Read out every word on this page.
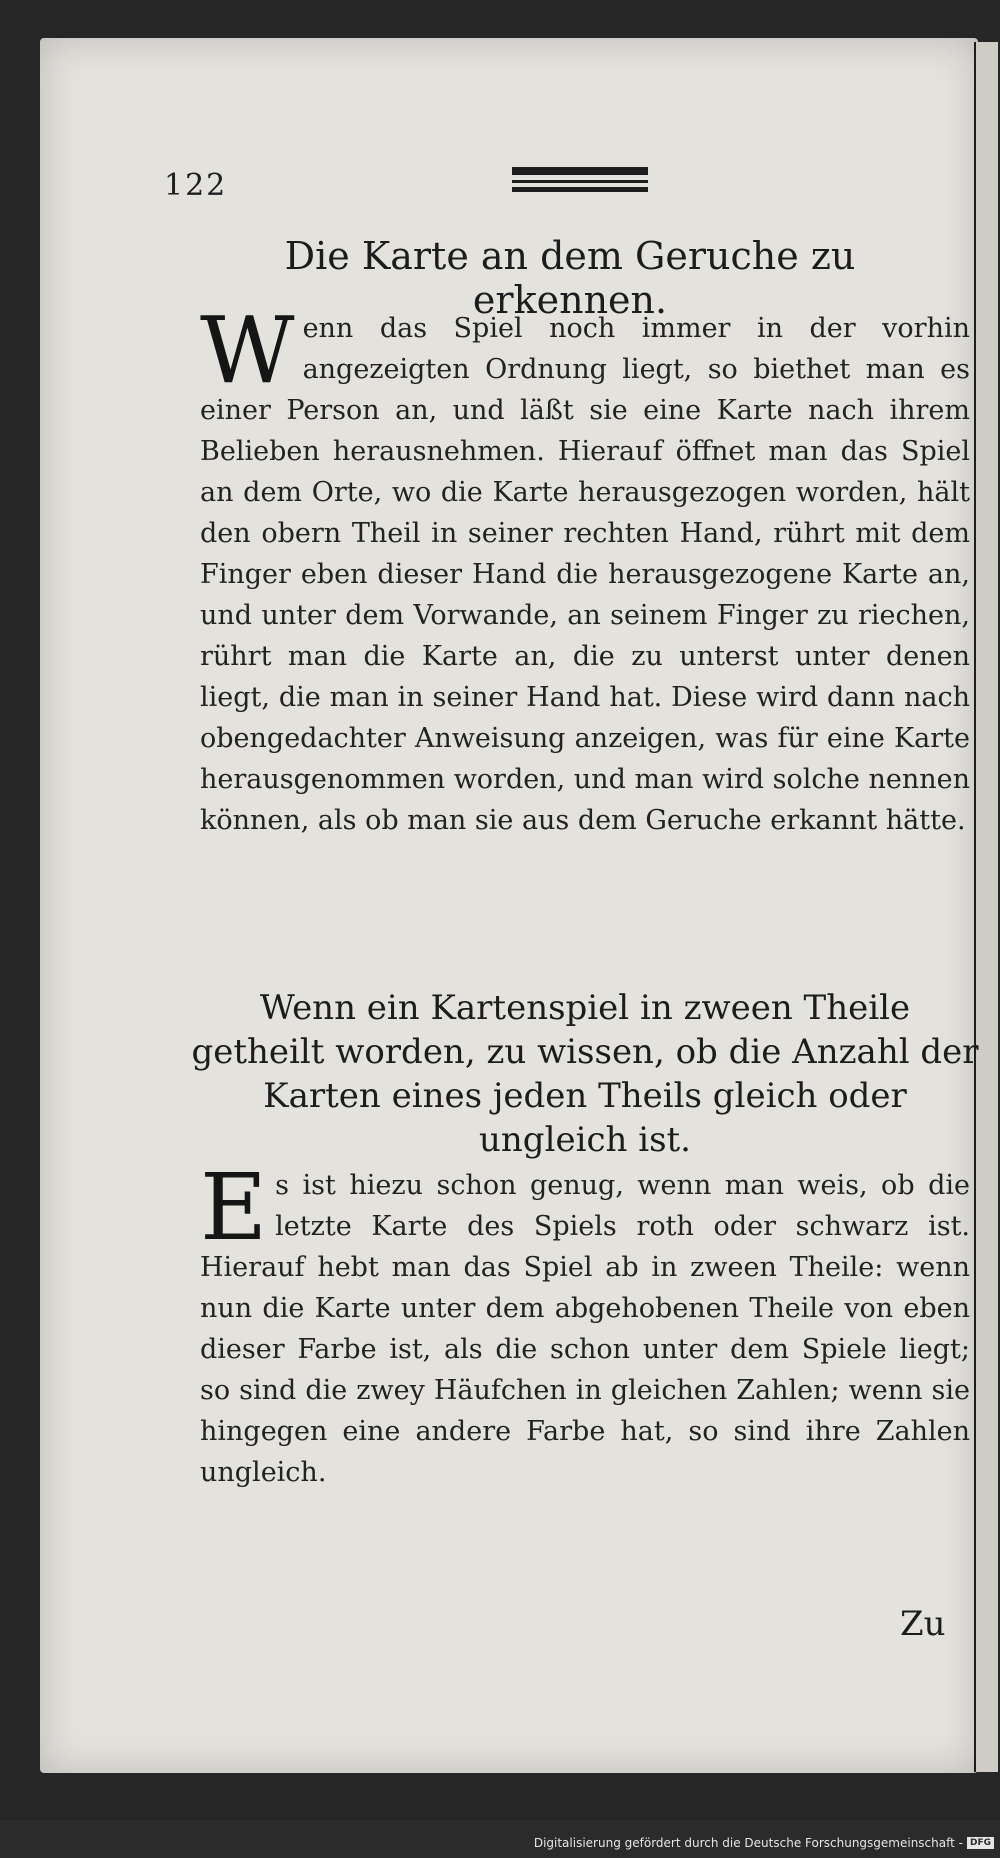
122
Die Karte an dem Geruche zu erkennen.

Wenn das Spiel noch immer in der vorhin angezeigten Ordnung liegt, so biethet man es einer Person an, und läßt sie eine Karte nach ihrem Belieben herausnehmen. Hierauf öffnet man das Spiel an dem Orte, wo die Karte herausgezogen worden, hält den obern Theil in seiner rechten Hand, rührt mit dem Finger eben dieser Hand die herausgezogene Karte an, und unter dem Vorwande, an seinem Finger zu riechen, rührt man die Karte an, die zu unterst unter denen liegt, die man in seiner Hand hat. Diese wird dann nach obengedachter Anweisung anzeigen, was für eine Karte herausgenommen worden, und man wird solche nennen können, als ob man sie aus dem Geruche erkannt hätte.

Wenn ein Kartenspiel in zween Theile getheilt worden, zu wissen, ob die Anzahl der Karten eines jeden Theils gleich oder ungleich ist.

Es ist hiezu schon genug, wenn man weis, ob die letzte Karte des Spiels roth oder schwarz ist. Hierauf hebt man das Spiel ab in zween Theile: wenn nun die Karte unter dem abgehobenen Theile von eben dieser Farbe ist, als die schon unter dem Spiele liegt; so sind die zwey Häufchen in gleichen Zahlen; wenn sie hingegen eine andere Farbe hat, so sind ihre Zahlen ungleich.

Zu
Digitalisierung gefördert durch die Deutsche Forschungsgemeinschaft - DFG
